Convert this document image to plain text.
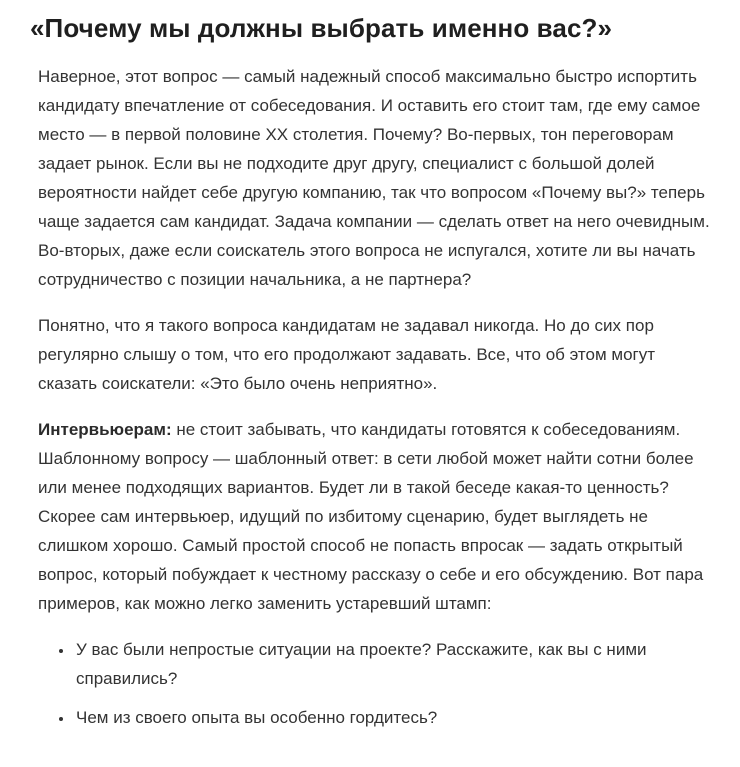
«Почему мы должны выбрать именно вас?»

Наверное, этот вопрос — самый надежный способ максимально быстро испортить кандидату впечатление от собеседования. И оставить его стоит там, где ему самое место — в первой половине XX столетия. Почему? Во-первых, тон переговорам задает рынок. Если вы не подходите друг другу, специалист с большой долей вероятности найдет себе другую компанию, так что вопросом «Почему вы?» теперь чаще задается сам кандидат. Задача компании — сделать ответ на него очевидным. Во-вторых, даже если соискатель этого вопроса не испугался, хотите ли вы начать сотрудничество с позиции начальника, а не партнера?

Понятно, что я такого вопроса кандидатам не задавал никогда. Но до сих пор регулярно слышу о том, что его продолжают задавать. Все, что об этом могут сказать соискатели: «Это было очень неприятно».

Интервьюерам: не стоит забывать, что кандидаты готовятся к собеседованиям. Шаблонному вопросу — шаблонный ответ: в сети любой может найти сотни более или менее подходящих вариантов. Будет ли в такой беседе какая-то ценность? Скорее сам интервьюер, идущий по избитому сценарию, будет выглядеть не слишком хорошо. Самый простой способ не попасть впросак — задать открытый вопрос, который побуждает к честному рассказу о себе и его обсуждению. Вот пара примеров, как можно легко заменить устаревший штамп:

• У вас были непростые ситуации на проекте? Расскажите, как вы с ними справились?
• Чем из своего опыта вы особенно гордитесь?
